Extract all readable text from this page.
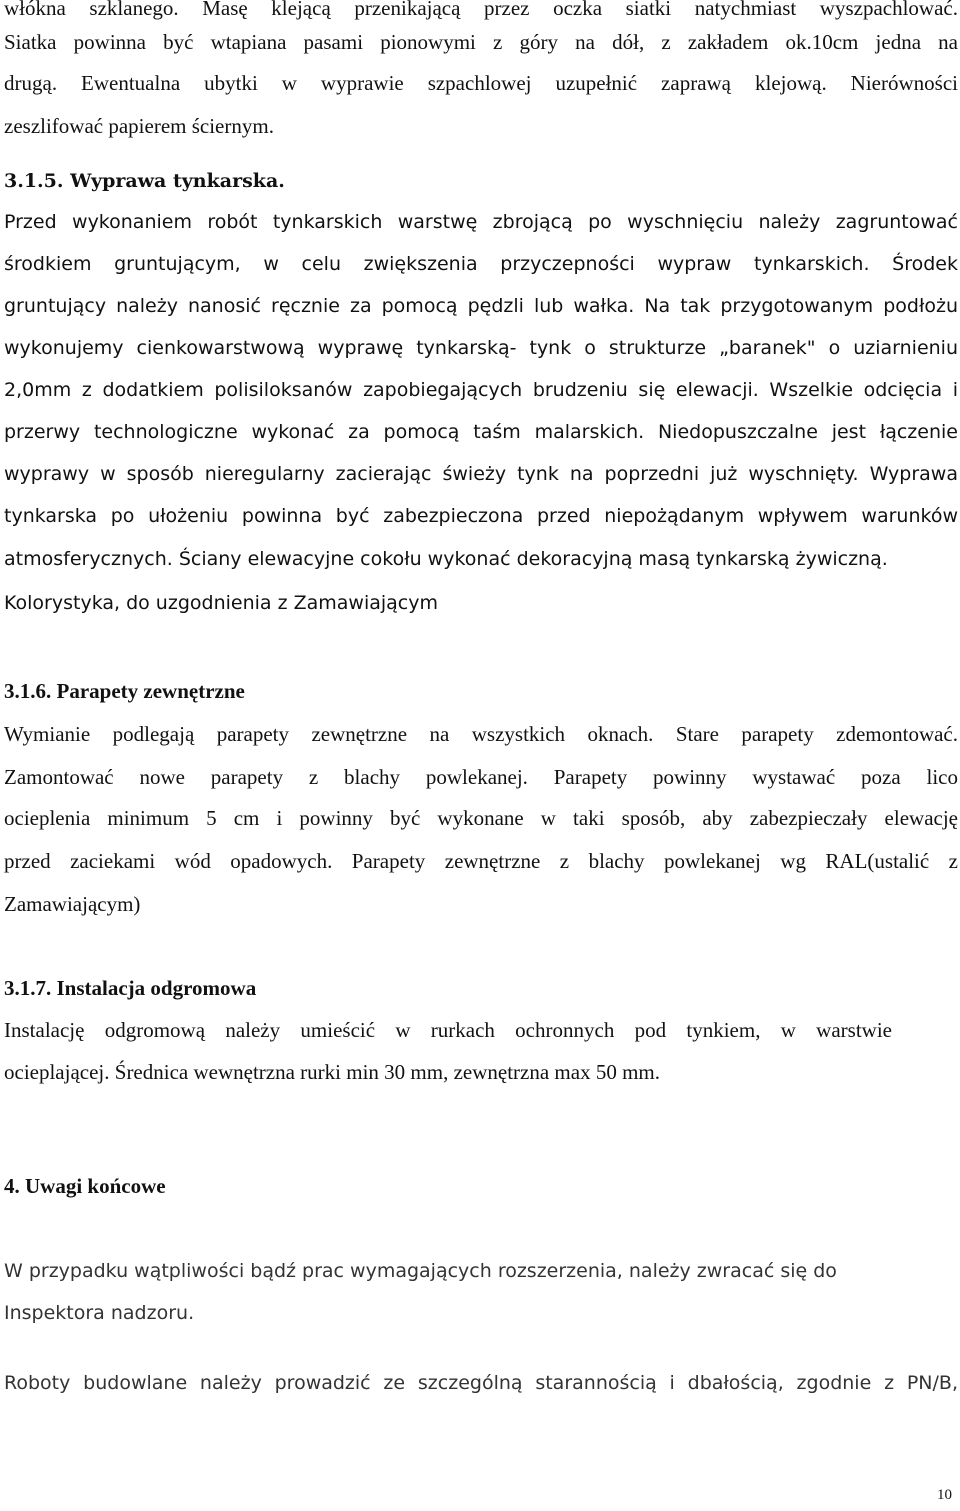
włókna szklanego. Masę klejącą przenikającą przez oczka siatki natychmiast wyszpachlować.
Siatka powinna być wtapiana pasami pionowymi z góry na dół, z zakładem ok.10cm jedna na
drugą. Ewentualna ubytki w wyprawie szpachlowej uzupełnić zaprawą klejową. Nierówności
zeszlifować papierem ściernym.
3.1.5. Wyprawa tynkarska.
Przed wykonaniem robót tynkarskich warstwę zbrojącą po wyschnięciu należy zagruntować
środkiem gruntującym, w celu zwiększenia przyczepności wypraw tynkarskich. Środek
gruntujący należy nanosić ręcznie za pomocą pędzli lub wałka. Na tak przygotowanym podłożu
wykonujemy cienkowarstwową wyprawę tynkarską- tynk o strukturze „baranek" o uziarnieniu
2,0mm z dodatkiem polisiloksanów zapobiegających brudzeniu się elewacji. Wszelkie odcięcia i
przerwy technologiczne wykonać za pomocą taśm malarskich. Niedopuszczalne jest łączenie
wyprawy w sposób nieregularny zacierając świeży tynk na poprzedni już wyschnięty. Wyprawa
tynkarska po ułożeniu powinna być zabezpieczona przed niepożądanym wpływem warunków
atmosferycznych. Ściany elewacyjne cokołu wykonać dekoracyjną masą tynkarską żywiczną.
Kolorystyka, do uzgodnienia z Zamawiającym
3.1.6. Parapety zewnętrzne
Wymianie podlegają parapety zewnętrzne na wszystkich oknach. Stare parapety zdemontować.
Zamontować nowe parapety z blachy powlekanej. Parapety powinny wystawać poza lico
ocieplenia minimum 5 cm i powinny być wykonane w taki sposób, aby zabezpieczały elewację
przed zaciekami wód opadowych. Parapety zewnętrzne z blachy powlekanej wg RAL(ustalić z
Zamawiającym)
3.1.7. Instalacja odgromowa
Instalację odgromową należy umieścić w rurkach ochronnych pod tynkiem, w warstwie
ocieplającej. Średnica wewnętrzna rurki min 30 mm, zewnętrzna max 50 mm.
4. Uwagi końcowe
W przypadku wątpliwości bądź prac wymagających rozszerzenia, należy zwracać się do
Inspektora nadzoru.
Roboty budowlane należy prowadzić ze szczególną starannością i dbałością, zgodnie z PN/B,
10
